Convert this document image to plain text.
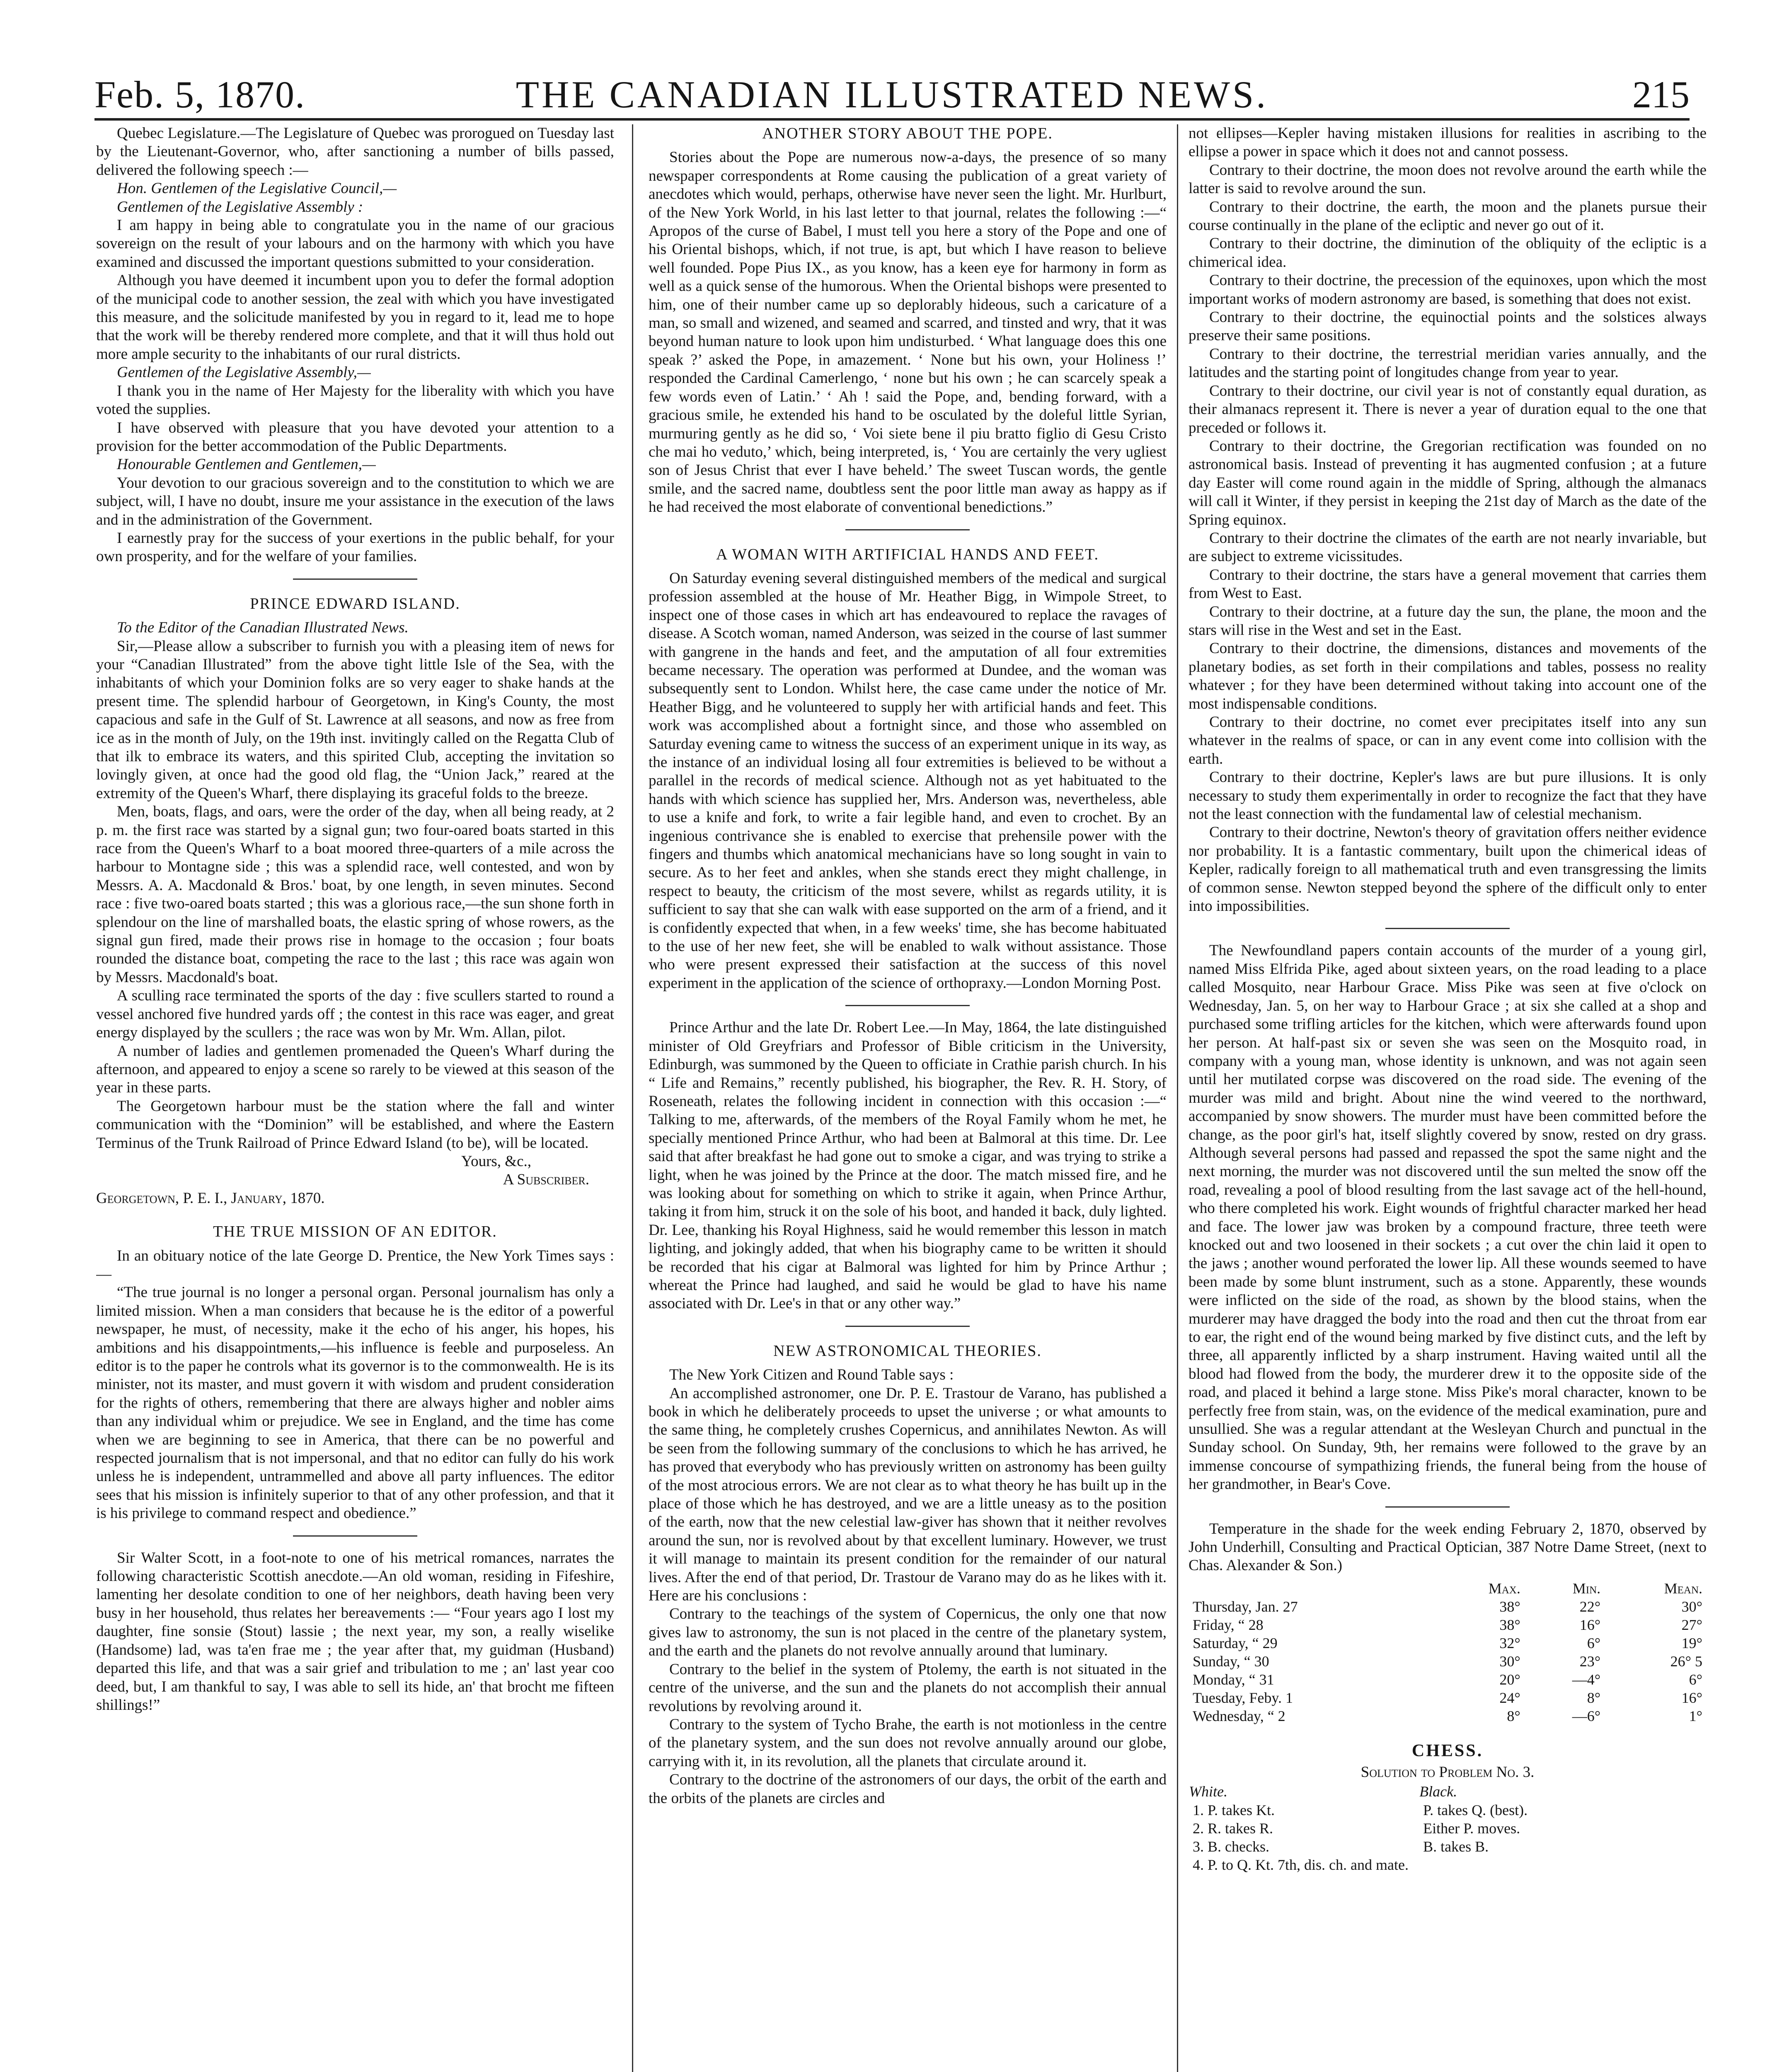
Feb. 5, 1870.	THE CANADIAN ILLUSTRATED NEWS.	215

Quebec Legislature.—The Legislature of Quebec was prorogued on Tuesday last by the Lieutenant-Governor, who, after sanctioning a number of bills passed, delivered the following speech :—

Hon. Gentlemen of the Legislative Council,—

Gentlemen of the Legislative Assembly :

I am happy in being able to congratulate you in the name of our gracious sovereign on the result of your labours and on the harmony with which you have examined and discussed the important questions submitted to your consideration.

Although you have deemed it incumbent upon you to defer the formal adoption of the municipal code to another session, the zeal with which you have investigated this measure, and the solicitude manifested by you in regard to it, lead me to hope that the work will be thereby rendered more complete, and that it will thus hold out more ample security to the inhabitants of our rural districts.

Gentlemen of the Legislative Assembly,—

I thank you in the name of Her Majesty for the liberality with which you have voted the supplies.

I have observed with pleasure that you have devoted your attention to a provision for the better accommodation of the Public Departments.

Honourable Gentlemen and Gentlemen,—

Your devotion to our gracious sovereign and to the constitution to which we are subject, will, I have no doubt, insure me your assistance in the execution of the laws and in the administration of the Government.

I earnestly pray for the success of your exertions in the public behalf, for your own prosperity, and for the welfare of your families.

PRINCE EDWARD ISLAND.

To the Editor of the Canadian Illustrated News.

Sir,—Please allow a subscriber to furnish you with a pleasing item of news for your “Canadian Illustrated” from the above tight little Isle of the Sea, with the inhabitants of which your Dominion folks are so very eager to shake hands at the present time. The splendid harbour of Georgetown, in King's County, the most capacious and safe in the Gulf of St. Lawrence at all seasons, and now as free from ice as in the month of July, on the 19th inst. invitingly called on the Regatta Club of that ilk to embrace its waters, and this spirited Club, accepting the invitation so lovingly given, at once had the good old flag, the “Union Jack,” reared at the extremity of the Queen's Wharf, there displaying its graceful folds to the breeze.

Men, boats, flags, and oars, were the order of the day, when all being ready, at 2 p. m. the first race was started by a signal gun; two four-oared boats started in this race from the Queen's Wharf to a boat moored three-quarters of a mile across the harbour to Montagne side ; this was a splendid race, well contested, and won by Messrs. A. A. Macdonald & Bros.' boat, by one length, in seven minutes. Second race : five two-oared boats started ; this was a glorious race,—the sun shone forth in splendour on the line of marshalled boats, the elastic spring of whose rowers, as the signal gun fired, made their prows rise in homage to the occasion ; four boats rounded the distance boat, competing the race to the last ; this race was again won by Messrs. Macdonald's boat.

A sculling race terminated the sports of the day : five scullers started to round a vessel anchored five hundred yards off ; the contest in this race was eager, and great energy displayed by the scullers ; the race was won by Mr. Wm. Allan, pilot.

A number of ladies and gentlemen promenaded the Queen's Wharf during the afternoon, and appeared to enjoy a scene so rarely to be viewed at this season of the year in these parts.

The Georgetown harbour must be the station where the fall and winter communication with the “Dominion” will be established, and where the Eastern Terminus of the Trunk Railroad of Prince Edward Island (to be), will be located.

Yours, &c.,

A Subscriber.

Georgetown, P. E. I., January, 1870.

THE TRUE MISSION OF AN EDITOR.

In an obituary notice of the late George D. Prentice, the New York Times says :—

“The true journal is no longer a personal organ. Personal journalism has only a limited mission. When a man considers that because he is the editor of a powerful newspaper, he must, of necessity, make it the echo of his anger, his hopes, his ambitions and his disappointments,—his influence is feeble and purposeless. An editor is to the paper he controls what its governor is to the commonwealth. He is its minister, not its master, and must govern it with wisdom and prudent consideration for the rights of others, remembering that there are always higher and nobler aims than any individual whim or prejudice. We see in England, and the time has come when we are beginning to see in America, that there can be no powerful and respected journalism that is not impersonal, and that no editor can fully do his work unless he is independent, untrammelled and above all party influences. The editor sees that his mission is infinitely superior to that of any other profession, and that it is his privilege to command respect and obedience.”

Sir Walter Scott, in a foot-note to one of his metrical romances, narrates the following characteristic Scottish anecdote.—An old woman, residing in Fifeshire, lamenting her desolate condition to one of her neighbors, death having been very busy in her household, thus relates her bereavements :— “Four years ago I lost my daughter, fine sonsie (Stout) lassie ; the next year, my son, a really wiselike (Handsome) lad, was ta'en frae me ; the year after that, my guidman (Husband) departed this life, and that was a sair grief and tribulation to me ; an' last year coo deed, but, I am thankful to say, I was able to sell its hide, an' that brocht me fifteen shillings!”

ANOTHER STORY ABOUT THE POPE.

Stories about the Pope are numerous now-a-days, the presence of so many newspaper correspondents at Rome causing the publication of a great variety of anecdotes which would, perhaps, otherwise have never seen the light. Mr. Hurlburt, of the New York World, in his last letter to that journal, relates the following :—“ Apropos of the curse of Babel, I must tell you here a story of the Pope and one of his Oriental bishops, which, if not true, is apt, but which I have reason to believe well founded. Pope Pius IX., as you know, has a keen eye for harmony in form as well as a quick sense of the humorous. When the Oriental bishops were presented to him, one of their number came up so deplorably hideous, such a caricature of a man, so small and wizened, and seamed and scarred, and tinsted and wry, that it was beyond human nature to look upon him undisturbed. ‘ What language does this one speak ?’ asked the Pope, in amazement. ‘ None but his own, your Holiness !’ responded the Cardinal Camerlengo, ‘ none but his own ; he can scarcely speak a few words even of Latin.’ ‘ Ah ! said the Pope, and, bending forward, with a gracious smile, he extended his hand to be osculated by the doleful little Syrian, murmuring gently as he did so, ‘ Voi siete bene il piu bratto figlio di Gesu Cristo che mai ho veduto,’ which, being interpreted, is, ‘ You are certainly the very ugliest son of Jesus Christ that ever I have beheld.’ The sweet Tuscan words, the gentle smile, and the sacred name, doubtless sent the poor little man away as happy as if he had received the most elaborate of conventional benedictions.”

A WOMAN WITH ARTIFICIAL HANDS AND FEET.

On Saturday evening several distinguished members of the medical and surgical profession assembled at the house of Mr. Heather Bigg, in Wimpole Street, to inspect one of those cases in which art has endeavoured to replace the ravages of disease. A Scotch woman, named Anderson, was seized in the course of last summer with gangrene in the hands and feet, and the amputation of all four extremities became necessary. The operation was performed at Dundee, and the woman was subsequently sent to London. Whilst here, the case came under the notice of Mr. Heather Bigg, and he volunteered to supply her with artificial hands and feet. This work was accomplished about a fortnight since, and those who assembled on Saturday evening came to witness the success of an experiment unique in its way, as the instance of an individual losing all four extremities is believed to be without a parallel in the records of medical science. Although not as yet habituated to the hands with which science has supplied her, Mrs. Anderson was, nevertheless, able to use a knife and fork, to write a fair legible hand, and even to crochet. By an ingenious contrivance she is enabled to exercise that prehensile power with the fingers and thumbs which anatomical mechanicians have so long sought in vain to secure. As to her feet and ankles, when she stands erect they might challenge, in respect to beauty, the criticism of the most severe, whilst as regards utility, it is sufficient to say that she can walk with ease supported on the arm of a friend, and it is confidently expected that when, in a few weeks' time, she has become habituated to the use of her new feet, she will be enabled to walk without assistance. Those who were present expressed their satisfaction at the success of this novel experiment in the application of the science of orthopraxy.—London Morning Post.

Prince Arthur and the late Dr. Robert Lee.—In May, 1864, the late distinguished minister of Old Greyfriars and Professor of Bible criticism in the University, Edinburgh, was summoned by the Queen to officiate in Crathie parish church. In his “ Life and Remains,” recently published, his biographer, the Rev. R. H. Story, of Roseneath, relates the following incident in connection with this occasion :—“ Talking to me, afterwards, of the members of the Royal Family whom he met, he specially mentioned Prince Arthur, who had been at Balmoral at this time. Dr. Lee said that after breakfast he had gone out to smoke a cigar, and was trying to strike a light, when he was joined by the Prince at the door. The match missed fire, and he was looking about for something on which to strike it again, when Prince Arthur, taking it from him, struck it on the sole of his boot, and handed it back, duly lighted. Dr. Lee, thanking his Royal Highness, said he would remember this lesson in match lighting, and jokingly added, that when his biography came to be written it should be recorded that his cigar at Balmoral was lighted for him by Prince Arthur ; whereat the Prince had laughed, and said he would be glad to have his name associated with Dr. Lee's in that or any other way.”

NEW ASTRONOMICAL THEORIES.

The New York Citizen and Round Table says :

An accomplished astronomer, one Dr. P. E. Trastour de Varano, has published a book in which he deliberately proceeds to upset the universe ; or what amounts to the same thing, he completely crushes Copernicus, and annihilates Newton. As will be seen from the following summary of the conclusions to which he has arrived, he has proved that everybody who has previously written on astronomy has been guilty of the most atrocious errors. We are not clear as to what theory he has built up in the place of those which he has destroyed, and we are a little uneasy as to the position of the earth, now that the new celestial law-giver has shown that it neither revolves around the sun, nor is revolved about by that excellent luminary. However, we trust it will manage to maintain its present condition for the remainder of our natural lives. After the end of that period, Dr. Trastour de Varano may do as he likes with it. Here are his conclusions :

Contrary to the teachings of the system of Copernicus, the only one that now gives law to astronomy, the sun is not placed in the centre of the planetary system, and the earth and the planets do not revolve annually around that luminary.

Contrary to the belief in the system of Ptolemy, the earth is not situated in the centre of the universe, and the sun and the planets do not accomplish their annual revolutions by revolving around it.

Contrary to the system of Tycho Brahe, the earth is not motionless in the centre of the planetary system, and the sun does not revolve annually around our globe, carrying with it, in its revolution, all the planets that circulate around it.

Contrary to the doctrine of the astronomers of our days, the orbit of the earth and the orbits of the planets are circles and

not ellipses—Kepler having mistaken illusions for realities in ascribing to the ellipse a power in space which it does not and cannot possess.

Contrary to their doctrine, the moon does not revolve around the earth while the latter is said to revolve around the sun.

Contrary to their doctrine, the earth, the moon and the planets pursue their course continually in the plane of the ecliptic and never go out of it.

Contrary to their doctrine, the diminution of the obliquity of the ecliptic is a chimerical idea.

Contrary to their doctrine, the precession of the equinoxes, upon which the most important works of modern astronomy are based, is something that does not exist.

Contrary to their doctrine, the equinoctial points and the solstices always preserve their same positions.

Contrary to their doctrine, the terrestrial meridian varies annually, and the latitudes and the starting point of longitudes change from year to year.

Contrary to their doctrine, our civil year is not of constantly equal duration, as their almanacs represent it. There is never a year of duration equal to the one that preceded or follows it.

Contrary to their doctrine, the Gregorian rectification was founded on no astronomical basis. Instead of preventing it has augmented confusion ; at a future day Easter will come round again in the middle of Spring, although the almanacs will call it Winter, if they persist in keeping the 21st day of March as the date of the Spring equinox.

Contrary to their doctrine the climates of the earth are not nearly invariable, but are subject to extreme vicissitudes.

Contrary to their doctrine, the stars have a general movement that carries them from West to East.

Contrary to their doctrine, at a future day the sun, the plane, the moon and the stars will rise in the West and set in the East.

Contrary to their doctrine, the dimensions, distances and movements of the planetary bodies, as set forth in their compilations and tables, possess no reality whatever ; for they have been determined without taking into account one of the most indispensable conditions.

Contrary to their doctrine, no comet ever precipitates itself into any sun whatever in the realms of space, or can in any event come into collision with the earth.

Contrary to their doctrine, Kepler's laws are but pure illusions. It is only necessary to study them experimentally in order to recognize the fact that they have not the least connection with the fundamental law of celestial mechanism.

Contrary to their doctrine, Newton's theory of gravitation offers neither evidence nor probability. It is a fantastic commentary, built upon the chimerical ideas of Kepler, radically foreign to all mathematical truth and even transgressing the limits of common sense. Newton stepped beyond the sphere of the difficult only to enter into impossibilities.

The Newfoundland papers contain accounts of the murder of a young girl, named Miss Elfrida Pike, aged about sixteen years, on the road leading to a place called Mosquito, near Harbour Grace. Miss Pike was seen at five o'clock on Wednesday, Jan. 5, on her way to Harbour Grace ; at six she called at a shop and purchased some trifling articles for the kitchen, which were afterwards found upon her person. At half-past six or seven she was seen on the Mosquito road, in company with a young man, whose identity is unknown, and was not again seen until her mutilated corpse was discovered on the road side. The evening of the murder was mild and bright. About nine the wind veered to the northward, accompanied by snow showers. The murder must have been committed before the change, as the poor girl's hat, itself slightly covered by snow, rested on dry grass. Although several persons had passed and repassed the spot the same night and the next morning, the murder was not discovered until the sun melted the snow off the road, revealing a pool of blood resulting from the last savage act of the hell-hound, who there completed his work. Eight wounds of frightful character marked her head and face. The lower jaw was broken by a compound fracture, three teeth were knocked out and two loosened in their sockets ; a cut over the chin laid it open to the jaws ; another wound perforated the lower lip. All these wounds seemed to have been made by some blunt instrument, such as a stone. Apparently, these wounds were inflicted on the side of the road, as shown by the blood stains, when the murderer may have dragged the body into the road and then cut the throat from ear to ear, the right end of the wound being marked by five distinct cuts, and the left by three, all apparently inflicted by a sharp instrument. Having waited until all the blood had flowed from the body, the murderer drew it to the opposite side of the road, and placed it behind a large stone. Miss Pike's moral character, known to be perfectly free from stain, was, on the evidence of the medical examination, pure and unsullied. She was a regular attendant at the Wesleyan Church and punctual in the Sunday school. On Sunday, 9th, her remains were followed to the grave by an immense concourse of sympathizing friends, the funeral being from the house of her grandmother, in Bear's Cove.

Temperature in the shade for the week ending February 2, 1870, observed by John Underhill, Consulting and Practical Optician, 387 Notre Dame Street, (next to Chas. Alexander & Son.)

	Max.	Min.	Mean.
Thursday, Jan. 27	38°	22°	30°
Friday, “ 28	38°	16°	27°
Saturday, “ 29	32°	6°	19°
Sunday, “ 30	30°	23°	26° 5
Monday, “ 31	20°	—4°	6°
Tuesday, Feby. 1	24°	8°	16°
Wednesday, “ 2	8°	—6°	1°
CHESS.

Solution to Problem No. 3.

White.	Black.
1. P. takes Kt.	P. takes Q. (best).
2. R. takes R.	Either P. moves.
3. B. checks.	B. takes B.
4. P. to Q. Kt. 7th, dis. ch. and mate.	
